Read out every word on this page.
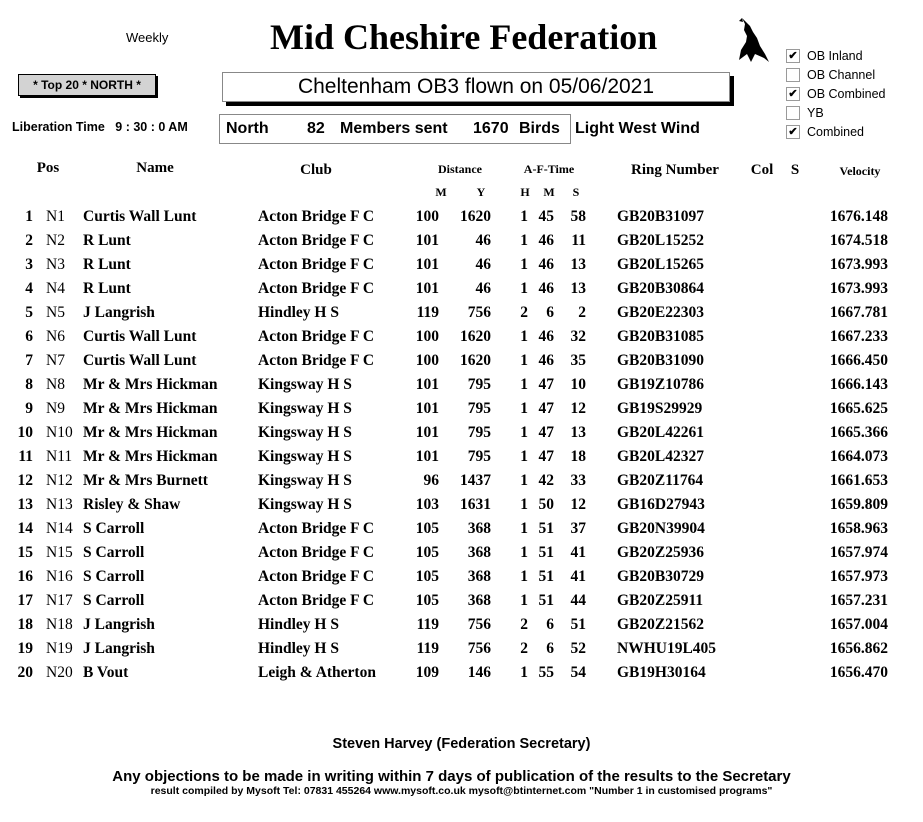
Weekly	Mid Cheshire Federation
* Top 20 * NORTH *	Cheltenham OB3 flown on 05/06/2021
✔ OB Inland
OB Channel
✔ OB Combined
YB
✔ Combined
Liberation Time 9 : 30 : 0 AM North 82 Members sent 1670 Birds Light West Wind
Pos	Name	Club	Distance
M	Y
A-F-Time
H M S
Ring Number Col S	Velocity
1 N1 Curtis Wall Lunt	Acton Bridge F C	100 1620 1 45 58 GB20B31097	1676.148
2 N2 R Lunt	Acton Bridge F C	101 46 1 46 11 GB20L15252	1674.518
3 N3 R Lunt	Acton Bridge F C	101 46 1 46 13 GB20L15265	1673.993
4 N4 R Lunt	Acton Bridge F C	101 46 1 46 13 GB20B30864	1673.993
5 N5 J Langrish	Hindley H S	119 756 2 6 2 GB20E22303	1667.781
6 N6 Curtis Wall Lunt	Acton Bridge F C	100 1620 1 46 32 GB20B31085	1667.233
7 N7 Curtis Wall Lunt	Acton Bridge F C	100 1620 1 46 35 GB20B31090	1666.450
8 N8 Mr & Mrs Hickman	Kingsway H S	101 795 1 47 10 GB19Z10786	1666.143
9 N9 Mr & Mrs Hickman	Kingsway H S	101 795 1 47 12 GB19S29929	1665.625
10 N10 Mr & Mrs Hickman	Kingsway H S	101 795 1 47 13 GB20L42261	1665.366
11 N11 Mr & Mrs Hickman	Kingsway H S	101 795 1 47 18 GB20L42327	1664.073
12 N12 Mr & Mrs Burnett	Kingsway H S	96 1437 1 42 33 GB20Z11764	1661.653
13 N13 Risley & Shaw	Kingsway H S	103 1631 1 50 12 GB16D27943	1659.809
14 N14 S Carroll	Acton Bridge F C	105 368 1 51 37 GB20N39904	1658.963
15 N15 S Carroll	Acton Bridge F C	105 368 1 51 41 GB20Z25936	1657.974
16 N16 S Carroll	Acton Bridge F C	105 368 1 51 41 GB20B30729	1657.973
17 N17 S Carroll	Acton Bridge F C	105 368 1 51 44 GB20Z25911	1657.231
18 N18 J Langrish	Hindley H S	119 756 2 6 51 GB20Z21562	1657.004
19 N19 J Langrish	Hindley H S	119 756 2 6 52 NWHU19L405	1656.862
20 N20 B Vout	Leigh & Atherton	109 146 1 55 54 GB19H30164	1656.470
Steven Harvey (Federation Secretary)
Any objections to be made in writing within 7 days of publication of the results to the Secretary
result compiled by Mysoft Tel: 07831 455264 www.mysoft.co.uk mysoft@btinternet.com "Number 1 in customised programs"
